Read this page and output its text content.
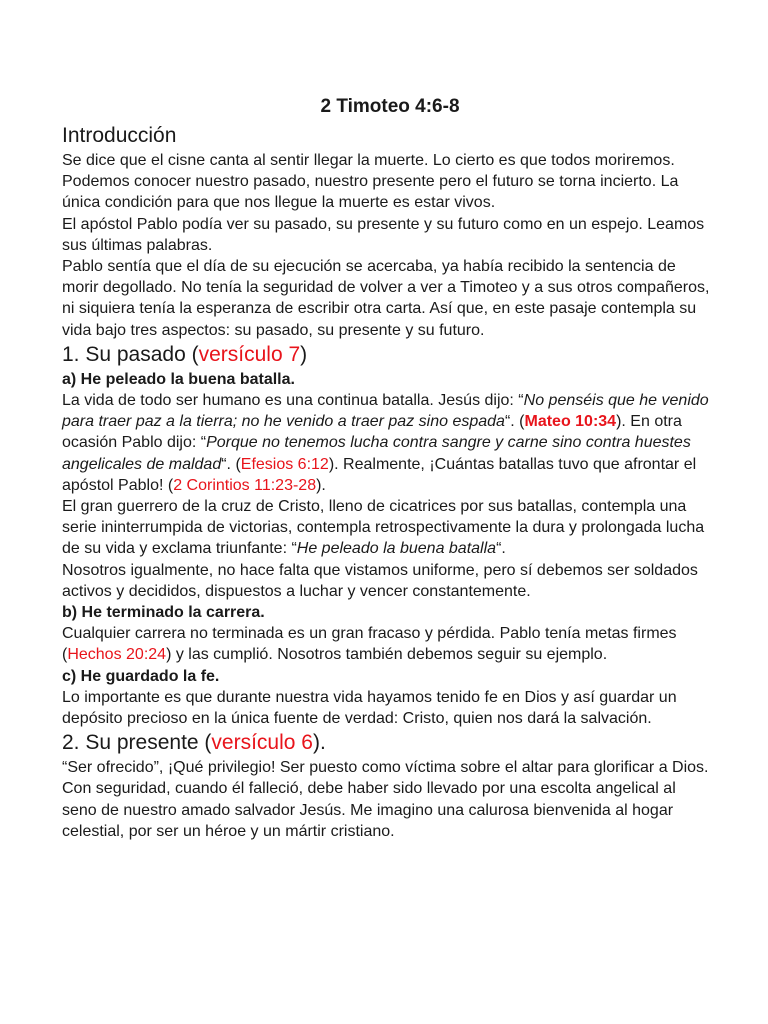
2 Timoteo 4:6-8
Introducción

Se dice que el cisne canta al sentir llegar la muerte. Lo cierto es que todos moriremos. Podemos conocer nuestro pasado, nuestro presente pero el futuro se torna incierto. La única condición para que nos llegue la muerte es estar vivos.

El apóstol Pablo podía ver su pasado, su presente y su futuro como en un espejo. Leamos sus últimas palabras.

Pablo sentía que el día de su ejecución se acercaba, ya había recibido la sentencia de morir degollado. No tenía la seguridad de volver a ver a Timoteo y a sus otros compañeros, ni siquiera tenía la esperanza de escribir otra carta. Así que, en este pasaje contempla su vida bajo tres aspectos: su pasado, su presente y su futuro.

1. Su pasado (versículo 7)

a) He peleado la buena batalla.

La vida de todo ser humano es una continua batalla. Jesús dijo: “No penséis que he venido para traer paz a la tierra; no he venido a traer paz sino espada“. (Mateo 10:34). En otra ocasión Pablo dijo: “Porque no tenemos lucha contra sangre y carne sino contra huestes angelicales de maldad“. (Efesios 6:12). Realmente, ¡Cuántas batallas tuvo que afrontar el apóstol Pablo! (2 Corintios 11:23-28).

El gran guerrero de la cruz de Cristo, lleno de cicatrices por sus batallas, contempla una serie ininterrumpida de victorias, contempla retrospectivamente la dura y prolongada lucha de su vida y exclama triunfante: “He peleado la buena batalla“.

Nosotros igualmente, no hace falta que vistamos uniforme, pero sí debemos ser soldados activos y decididos, dispuestos a luchar y vencer constantemente.

b) He terminado la carrera.

Cualquier carrera no terminada es un gran fracaso y pérdida. Pablo tenía metas firmes (Hechos 20:24) y las cumplió. Nosotros también debemos seguir su ejemplo.

c) He guardado la fe.

Lo importante es que durante nuestra vida hayamos tenido fe en Dios y así guardar un depósito precioso en la única fuente de verdad: Cristo, quien nos dará la salvación.

2. Su presente (versículo 6).

“Ser ofrecido”, ¡Qué privilegio! Ser puesto como víctima sobre el altar para glorificar a Dios. Con seguridad, cuando él falleció, debe haber sido llevado por una escolta angelical al seno de nuestro amado salvador Jesús. Me imagino una calurosa bienvenida al hogar celestial, por ser un héroe y un mártir cristiano.
